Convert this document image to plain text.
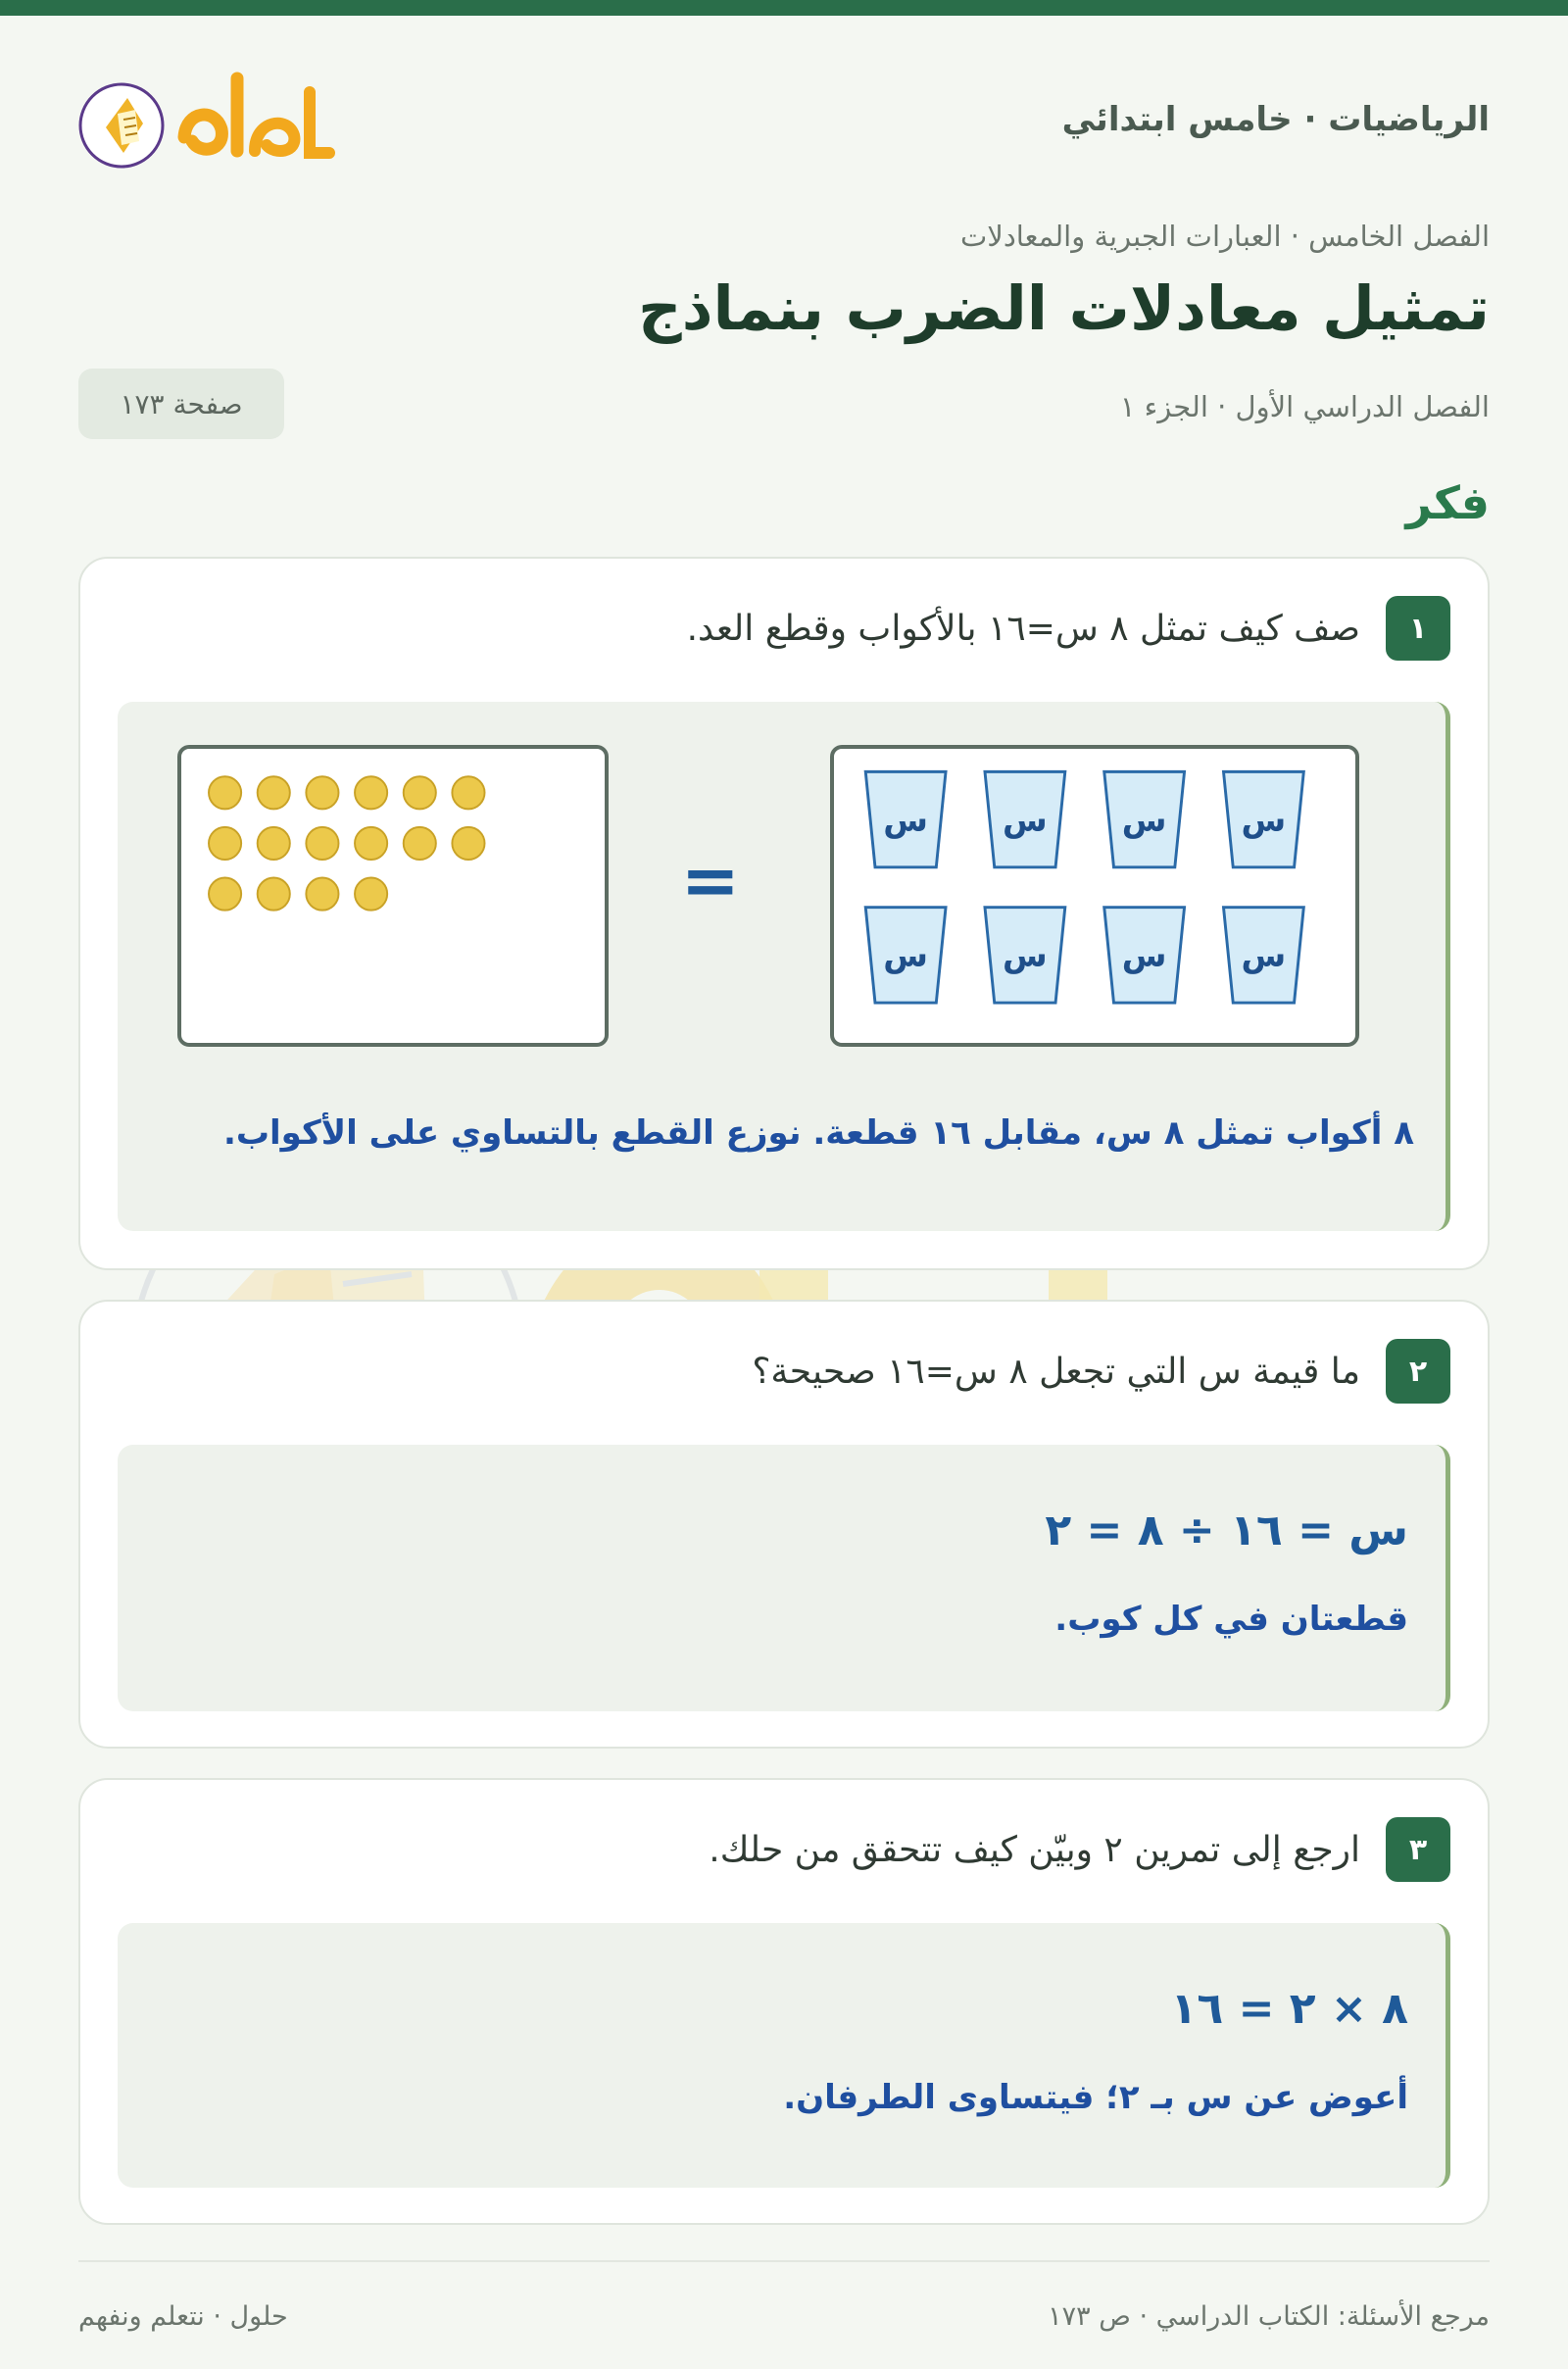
الرياضيات · خامس ابتدائي
الفصل الخامس · العبارات الجبرية والمعادلات
تمثيل معادلات الضرب بنماذج
الفصل الدراسي الأول · الجزء ١
صفحة ١٧٣
فكر
١
صف كيف تمثل ٨ س=١٦ بالأكواب وقطع العد.
س س س س
س س س س
=
٨ أكواب تمثل ٨ س، مقابل ١٦ قطعة. نوزع القطع بالتساوي على الأكواب.
٢
ما قيمة س التي تجعل ٨ س=١٦ صحيحة؟
س = ١٦ ÷ ٨ = ٢
قطعتان في كل كوب.
٣
ارجع إلى تمرين ٢ وبيّن كيف تتحقق من حلك.
٨ × ٢ = ١٦
أعوض عن س بـ ٢؛ فيتساوى الطرفان.
مرجع الأسئلة: الكتاب الدراسي · ص ١٧٣
حلول · نتعلم ونفهم
